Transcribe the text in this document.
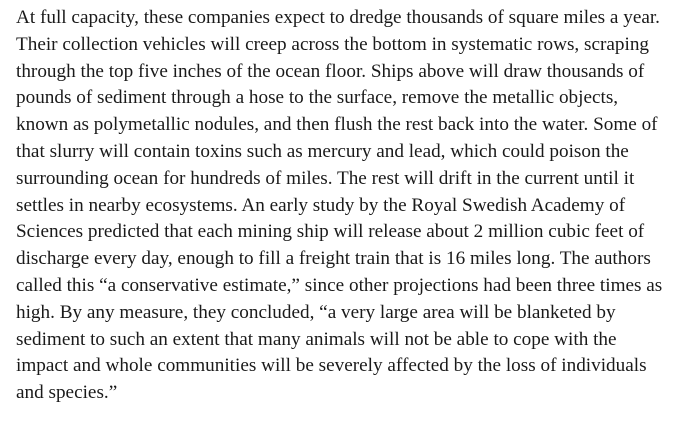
At full capacity, these companies expect to dredge thousands of square miles a year.
Their collection vehicles will creep across the bottom in systematic rows, scraping
through the top five inches of the ocean floor. Ships above will draw thousands of
pounds of sediment through a hose to the surface, remove the metallic objects,
known as polymetallic nodules, and then flush the rest back into the water. Some of
that slurry will contain toxins such as mercury and lead, which could poison the
surrounding ocean for hundreds of miles. The rest will drift in the current until it
settles in nearby ecosystems. An early study by the Royal Swedish Academy of
Sciences predicted that each mining ship will release about 2 million cubic feet of
discharge every day, enough to fill a freight train that is 16 miles long. The authors
called this “a conservative estimate,” since other projections had been three times as
high. By any measure, they concluded, “a very large area will be blanketed by
sediment to such an extent that many animals will not be able to cope with the
impact and whole communities will be severely affected by the loss of individuals
and species.”
